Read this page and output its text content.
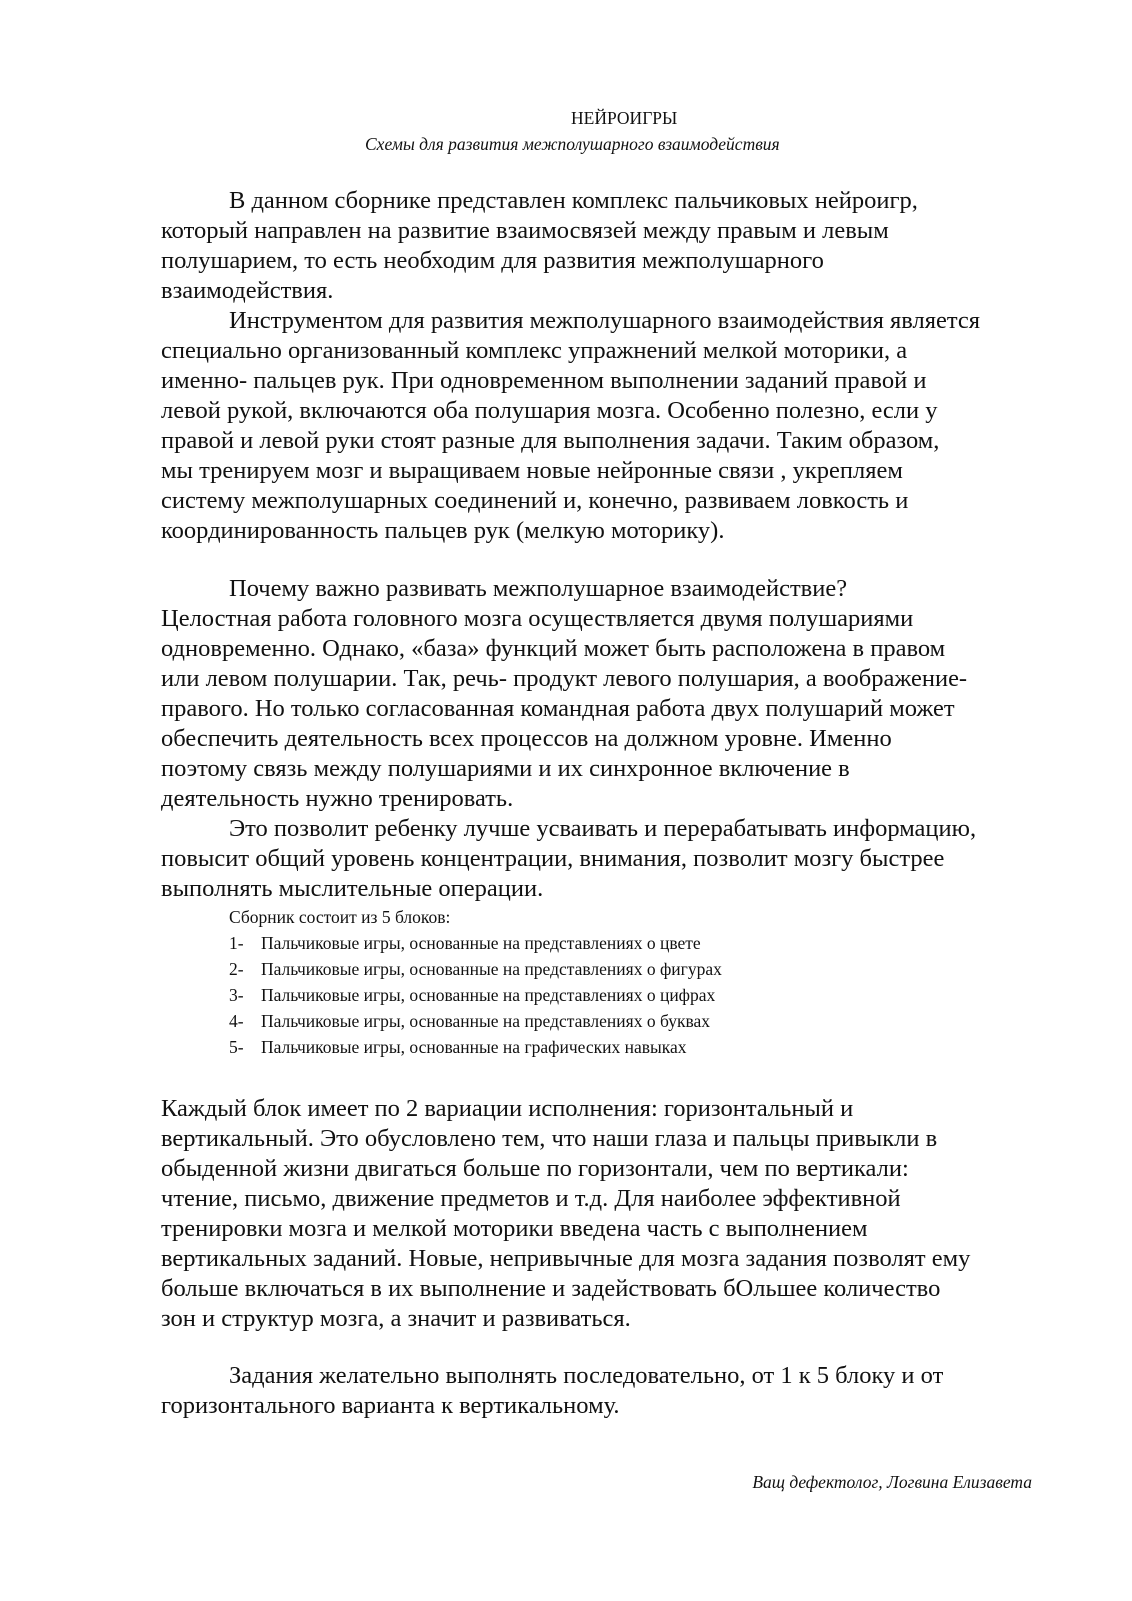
НЕЙРОИГРЫ
Схемы для развития межполушарного взаимодействия
В данном сборнике представлен комплекс пальчиковых нейроигр,
который направлен на развитие взаимосвязей между правым и левым
полушарием, то есть необходим для развития межполушарного
взаимодействия.
Инструментом для развития межполушарного взаимодействия является
специально организованный комплекс упражнений мелкой моторики, а
именно- пальцев рук. При одновременном выполнении заданий правой и
левой рукой, включаются оба полушария мозга. Особенно полезно, если у
правой и левой руки стоят разные для выполнения задачи. Таким образом,
мы тренируем мозг и выращиваем новые нейронные связи , укрепляем
систему межполушарных соединений и, конечно, развиваем ловкость и
координированность пальцев рук (мелкую моторику).
Почему важно развивать межполушарное взаимодействие?
Целостная работа головного мозга осуществляется двумя полушариями
одновременно. Однако, «база» функций может быть расположена в правом
или левом полушарии. Так, речь- продукт левого полушария, а воображение-
правого. Но только согласованная командная работа двух полушарий может
обеспечить деятельность всех процессов на должном уровне. Именно
поэтому связь между полушариями и их синхронное включение в
деятельность нужно тренировать.
Это позволит ребенку лучше усваивать и перерабатывать информацию,
повысит общий уровень концентрации, внимания, позволит мозгу быстрее
выполнять мыслительные операции.
Сборник состоит из 5 блоков:
1- Пальчиковые игры, основанные на представлениях о цвете
2- Пальчиковые игры, основанные на представлениях о фигурах
3- Пальчиковые игры, основанные на представлениях о цифрах
4- Пальчиковые игры, основанные на представлениях о буквах
5- Пальчиковые игры, основанные на графических навыках
Каждый блок имеет по 2 вариации исполнения: горизонтальный и
вертикальный. Это обусловлено тем, что наши глаза и пальцы привыкли в
обыденной жизни двигаться больше по горизонтали, чем по вертикали:
чтение, письмо, движение предметов и т.д. Для наиболее эффективной
тренировки мозга и мелкой моторики введена часть с выполнением
вертикальных заданий. Новые, непривычные для мозга задания позволят ему
больше включаться в их выполнение и задействовать бОльшее количество
зон и структур мозга, а значит и развиваться.
Задания желательно выполнять последовательно, от 1 к 5 блоку и от
горизонтального варианта к вертикальному.
Ващ дефектолог, Логвина Елизавета
